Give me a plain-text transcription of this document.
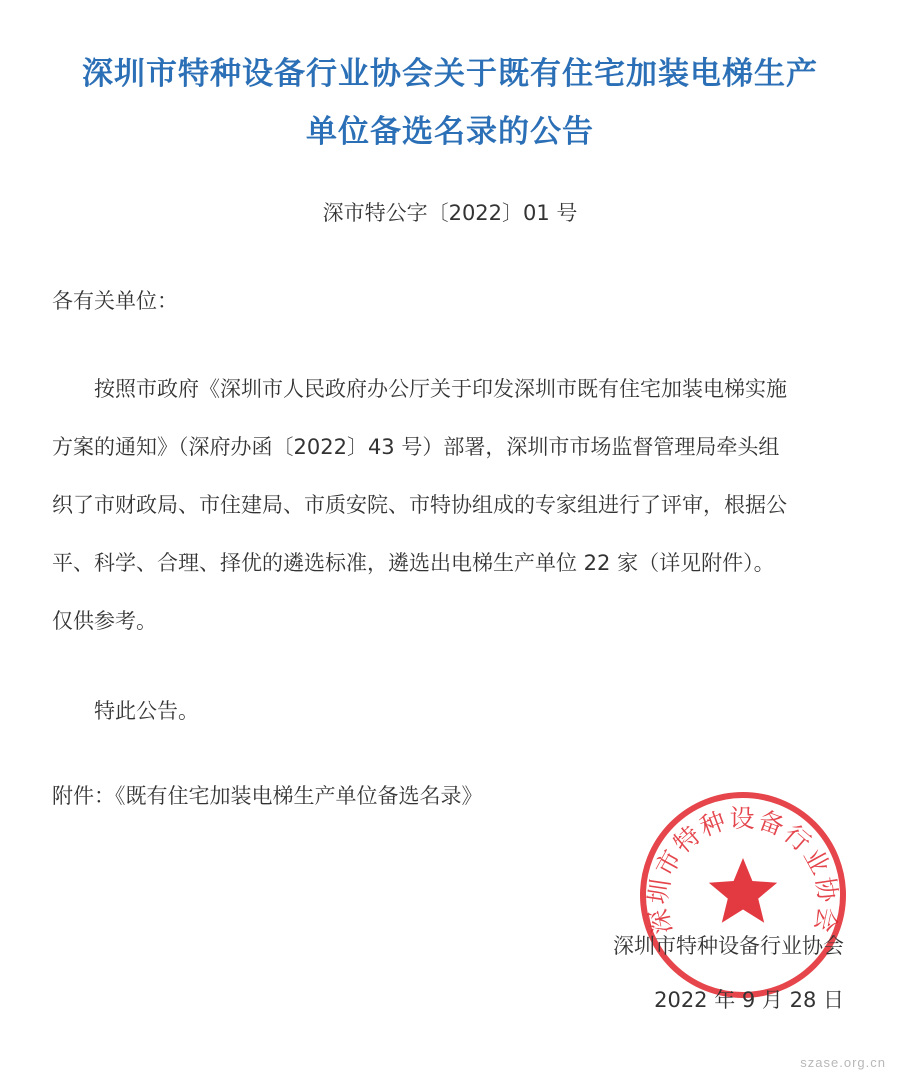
深圳市特种设备行业协会关于既有住宅加装电梯生产
单位备选名录的公告
深市特公字〔2022〕01 号
各有关单位：
按照市政府《深圳市人民政府办公厅关于印发深圳市既有住宅加装电梯实施
方案的通知》（深府办函〔2022〕43 号）部署，深圳市市场监督管理局牵头组
织了市财政局、市住建局、市质安院、市特协组成的专家组进行了评审，根据公
平、科学、合理、择优的遴选标准，遴选出电梯生产单位 22 家（详见附件）。
仅供参考。
特此公告。
附件：《既有住宅加装电梯生产单位备选名录》
深圳市特种设备行业协会
深圳市特种设备行业协会
2022 年 9 月 28 日
szase.org.cn
